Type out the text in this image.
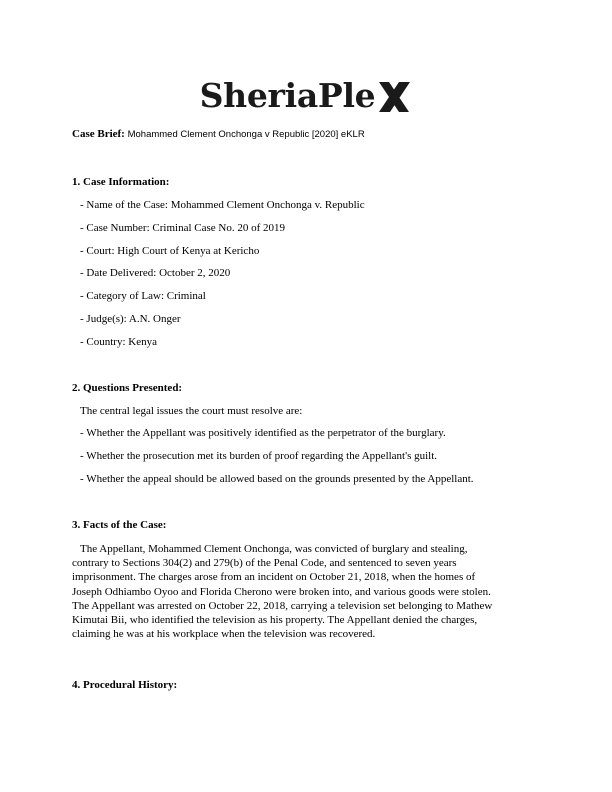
SheriaPle
Case Brief: Mohammed Clement Onchonga v Republic [2020] eKLR
1. Case Information:
- Name of the Case: Mohammed Clement Onchonga v. Republic
- Case Number: Criminal Case No. 20 of 2019
- Court: High Court of Kenya at Kericho
- Date Delivered: October 2, 2020
- Category of Law: Criminal
- Judge(s): A.N. Onger
- Country: Kenya
2. Questions Presented:
The central legal issues the court must resolve are:
- Whether the Appellant was positively identified as the perpetrator of the burglary.
- Whether the prosecution met its burden of proof regarding the Appellant's guilt.
- Whether the appeal should be allowed based on the grounds presented by the Appellant.
3. Facts of the Case:
The Appellant, Mohammed Clement Onchonga, was convicted of burglary and stealing,
contrary to Sections 304(2) and 279(b) of the Penal Code, and sentenced to seven years
imprisonment. The charges arose from an incident on October 21, 2018, when the homes of
Joseph Odhiambo Oyoo and Florida Cherono were broken into, and various goods were stolen.
The Appellant was arrested on October 22, 2018, carrying a television set belonging to Mathew
Kimutai Bii, who identified the television as his property. The Appellant denied the charges,
claiming he was at his workplace when the television was recovered.
4. Procedural History:
